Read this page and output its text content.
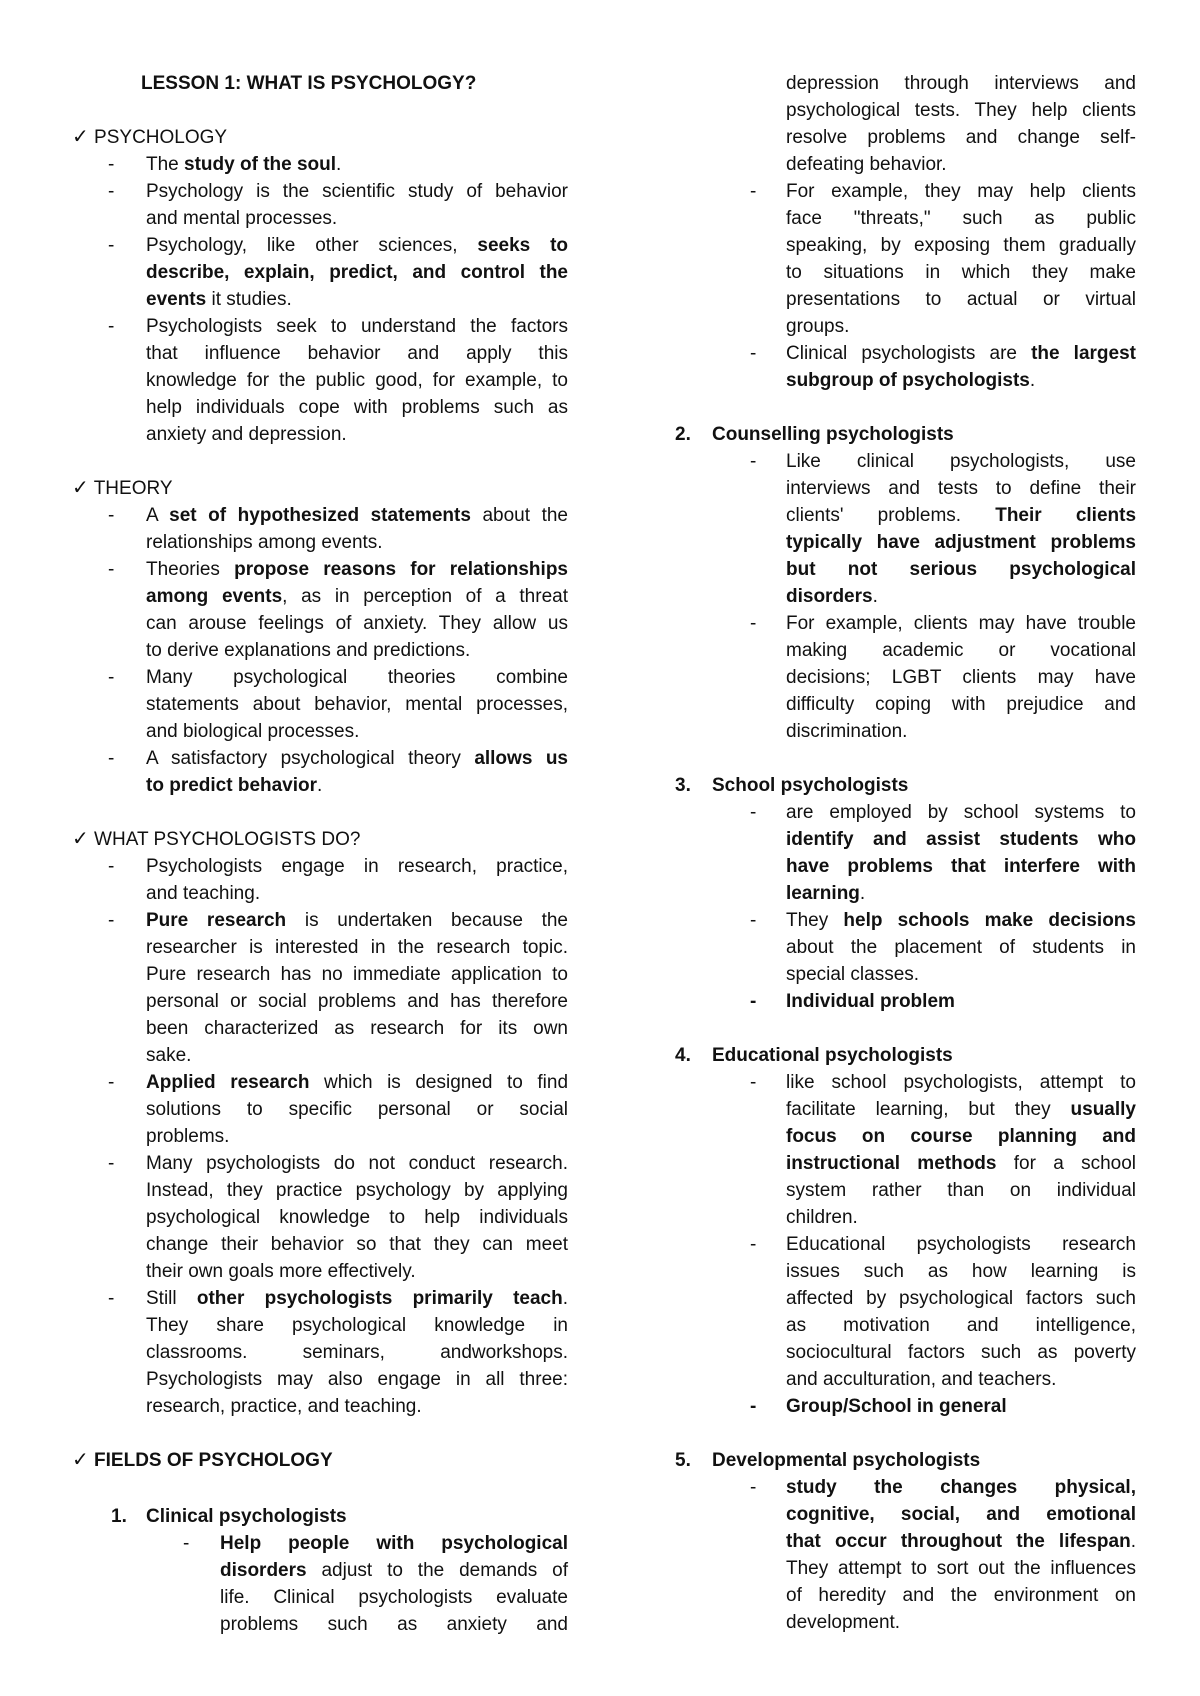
LESSON 1: WHAT IS PSYCHOLOGY?
✓ PSYCHOLOGY
- The study of the soul.
- Psychology is the scientific study of behavior
and mental processes.
- Psychology, like other sciences, seeks to
describe, explain, predict, and control the
events it studies.
- Psychologists seek to understand the factors
that influence behavior and apply this
knowledge for the public good, for example, to
help individuals cope with problems such as
anxiety and depression.
✓ THEORY
- A set of hypothesized statements about the
relationships among events.
- Theories propose reasons for relationships
among events, as in perception of a threat
can arouse feelings of anxiety. They allow us
to derive explanations and predictions.
- Many psychological theories combine
statements about behavior, mental processes,
and biological processes.
- A satisfactory psychological theory allows us
to predict behavior.
✓ WHAT PSYCHOLOGISTS DO?
- Psychologists engage in research, practice,
and teaching.
- Pure research is undertaken because the
researcher is interested in the research topic.
Pure research has no immediate application to
personal or social problems and has therefore
been characterized as research for its own
sake.
- Applied research which is designed to find
solutions to specific personal or social
problems.
- Many psychologists do not conduct research.
Instead, they practice psychology by applying
psychological knowledge to help individuals
change their behavior so that they can meet
their own goals more effectively.
- Still other psychologists primarily teach.
They share psychological knowledge in
classrooms. seminars, andworkshops.
Psychologists may also engage in all three:
research, practice, and teaching.
✓ FIELDS OF PSYCHOLOGY
1. Clinical psychologists
- Help people with psychological
disorders adjust to the demands of
life. Clinical psychologists evaluate
problems such as anxiety and
depression through interviews and
psychological tests. They help clients
resolve problems and change self-
defeating behavior.
- For example, they may help clients
face "threats," such as public
speaking, by exposing them gradually
to situations in which they make
presentations to actual or virtual
groups.
- Clinical psychologists are the largest
subgroup of psychologists.
2. Counselling psychologists
- Like clinical psychologists, use
interviews and tests to define their
clients' problems. Their clients
typically have adjustment problems
but not serious psychological
disorders.
- For example, clients may have trouble
making academic or vocational
decisions; LGBT clients may have
difficulty coping with prejudice and
discrimination.
3. School psychologists
- are employed by school systems to
identify and assist students who
have problems that interfere with
learning.
- They help schools make decisions
about the placement of students in
special classes.
- Individual problem
4. Educational psychologists
- like school psychologists, attempt to
facilitate learning, but they usually
focus on course planning and
instructional methods for a school
system rather than on individual
children.
- Educational psychologists research
issues such as how learning is
affected by psychological factors such
as motivation and intelligence,
sociocultural factors such as poverty
and acculturation, and teachers.
- Group/School in general
5. Developmental psychologists
- study the changes physical,
cognitive, social, and emotional
that occur throughout the lifespan.
They attempt to sort out the influences
of heredity and the environment on
development.
